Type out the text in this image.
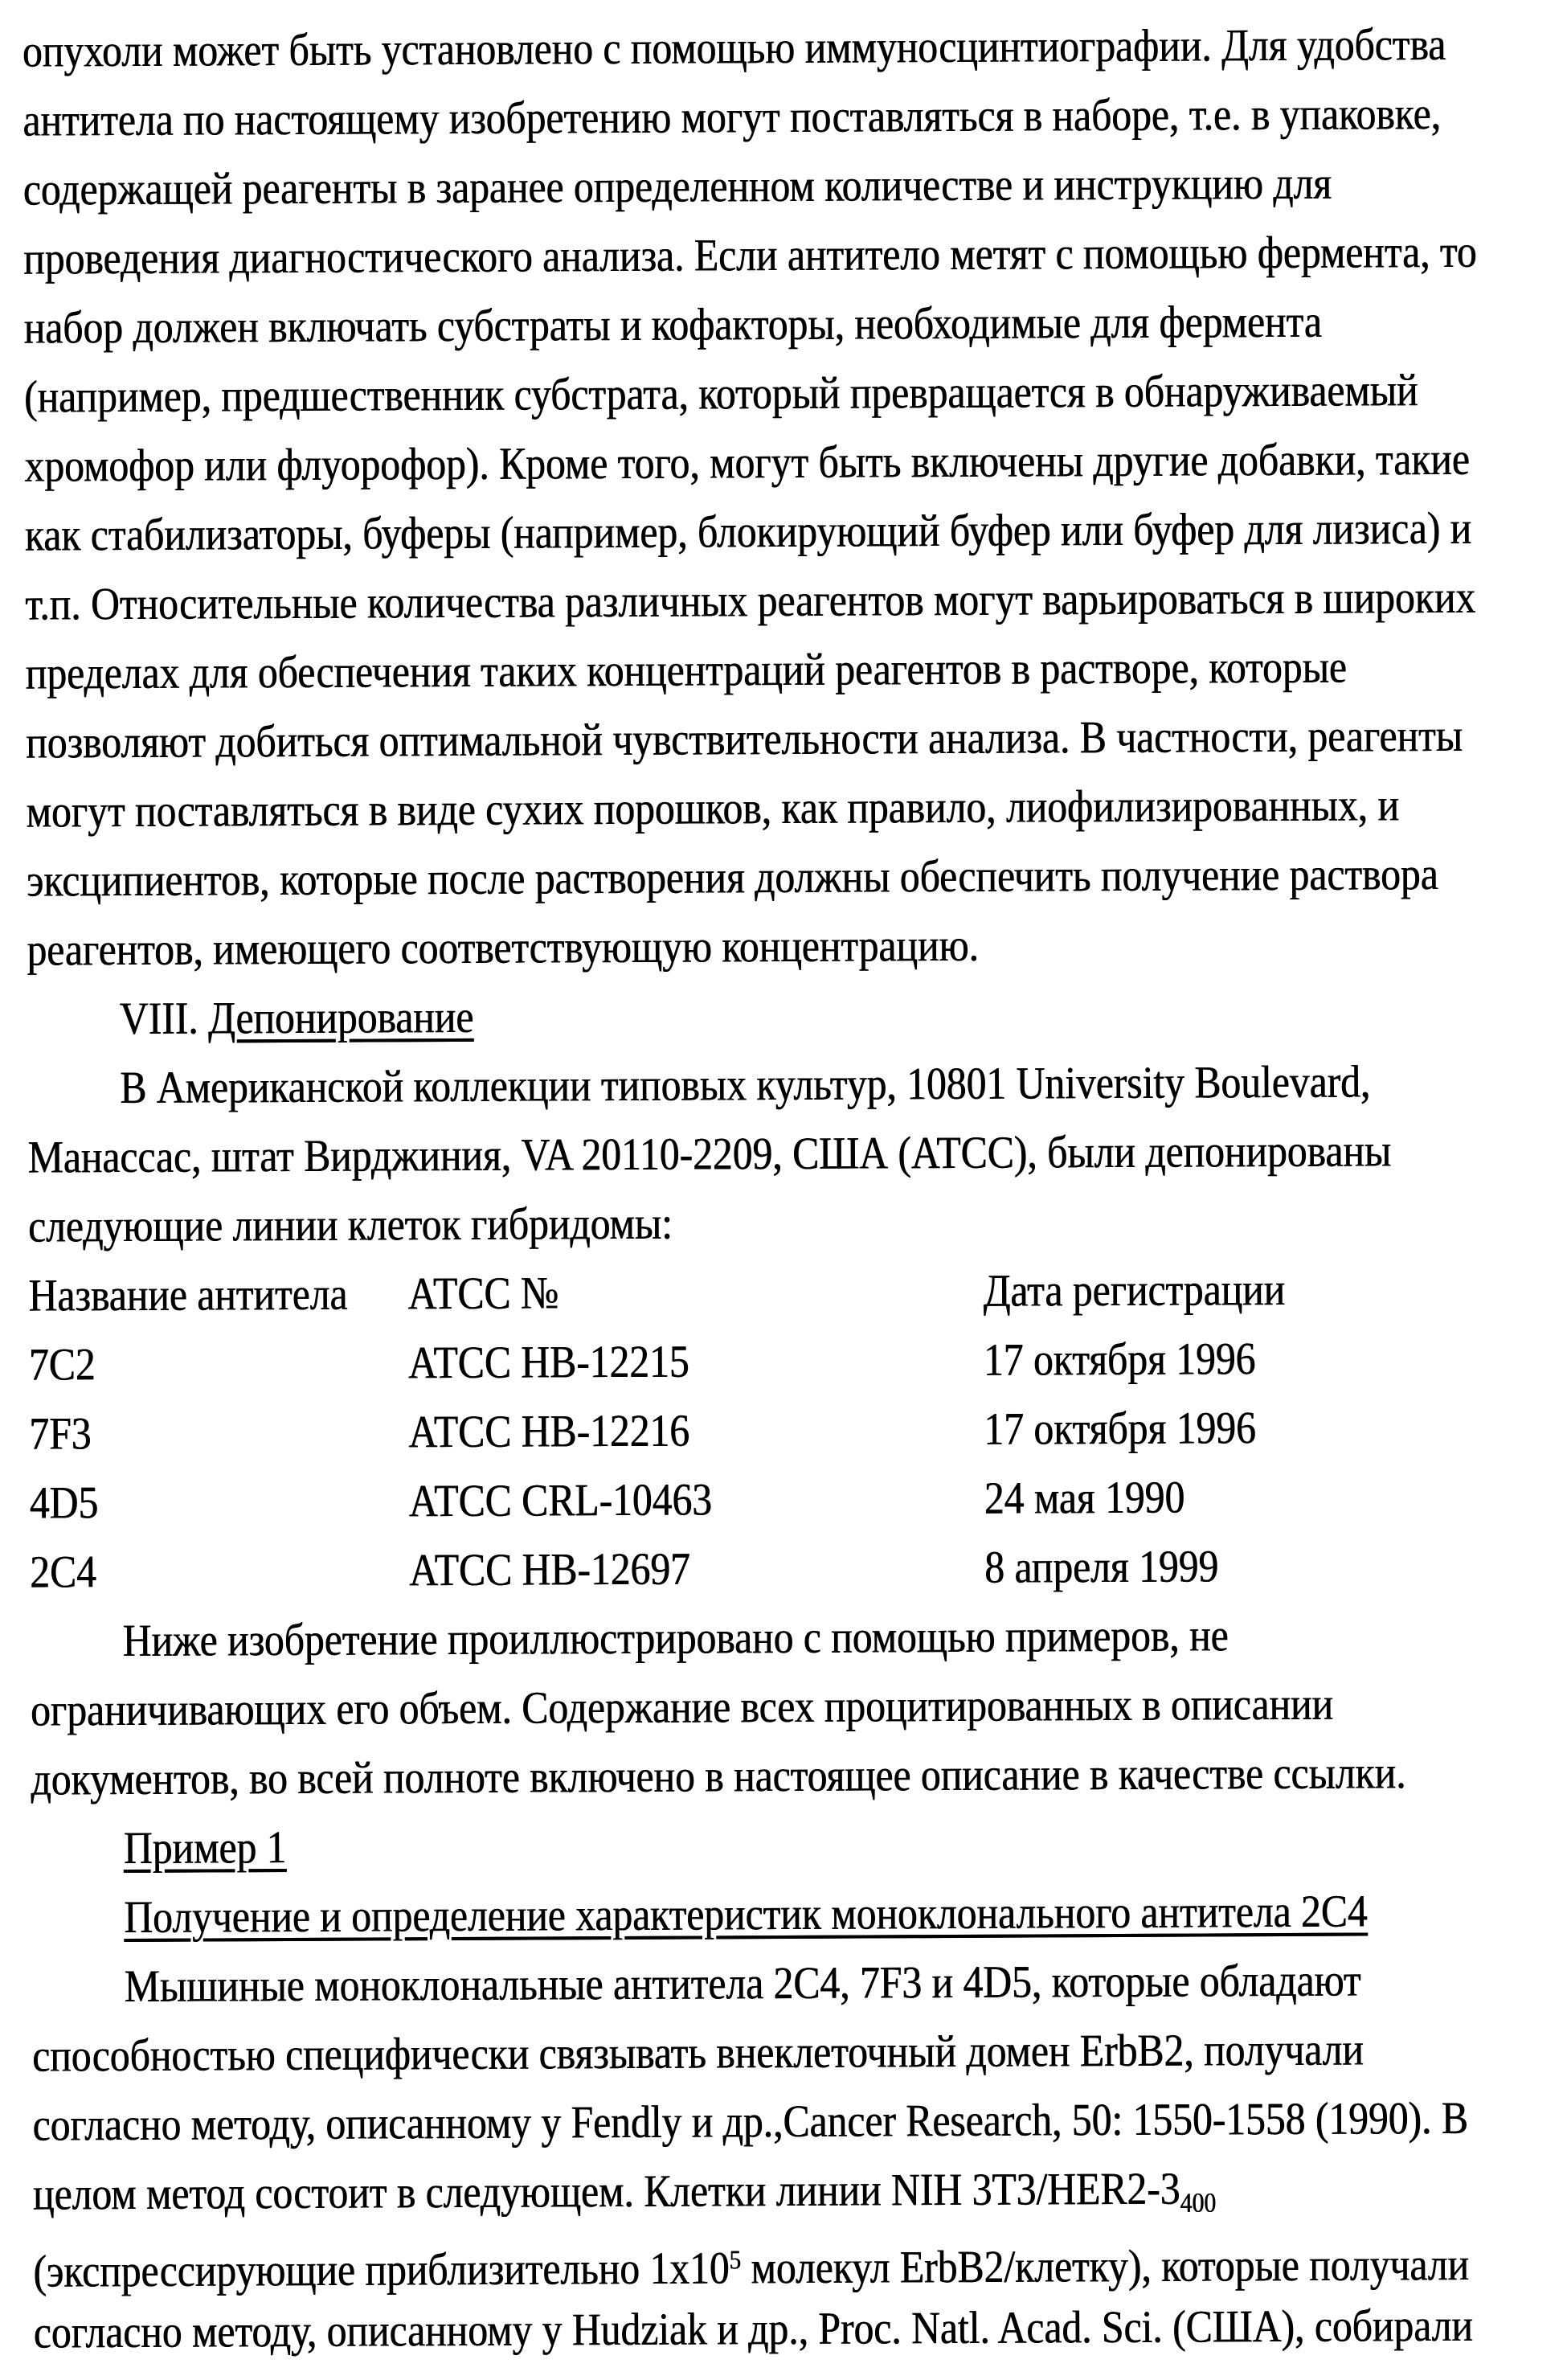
опухоли может быть установлено с помощью иммуносцинтиографии. Для удобства
антитела по настоящему изобретению могут поставляться в наборе, т.е. в упаковке,
содержащей реагенты в заранее определенном количестве и инструкцию для
проведения диагностического анализа. Если антитело метят с помощью фермента, то
набор должен включать субстраты и кофакторы, необходимые для фермента
(например, предшественник субстрата, который превращается в обнаруживаемый
хромофор или флуорофор). Кроме того, могут быть включены другие добавки, такие
как стабилизаторы, буферы (например, блокирующий буфер или буфер для лизиса) и
т.п. Относительные количества различных реагентов могут варьироваться в широких
пределах для обеспечения таких концентраций реагентов в растворе, которые
позволяют добиться оптимальной чувствительности анализа. В частности, реагенты
могут поставляться в виде сухих порошков, как правило, лиофилизированных, и
эксципиентов, которые после растворения должны обеспечить получение раствора
реагентов, имеющего соответствующую концентрацию.
VIII. Депонирование
В Американской коллекции типовых культур, 10801 University Boulevard,
Манассас, штат Вирджиния, VA 20110-2209, США (АТСС), были депонированы
следующие линии клеток гибридомы:
Название антитела	АТСС №	Дата регистрации
7С2	АТСС НВ-12215	17 октября 1996
7F3	АТСС НВ-12216	17 октября 1996
4D5	АТСС CRL-10463	24 мая 1990
2С4	АТСС НВ-12697	8 апреля 1999
Ниже изобретение проиллюстрировано с помощью примеров, не
ограничивающих его объем. Содержание всех процитированных в описании
документов, во всей полноте включено в настоящее описание в качестве ссылки.
Пример 1
Получение и определение характеристик моноклонального антитела 2С4
Мышиные моноклональные антитела 2С4, 7F3 и 4D5, которые обладают
способностью специфически связывать внеклеточный домен ErbB2, получали
согласно методу, описанному у Fendly и др.,Cancer Research, 50: 1550-1558 (1990). В
целом метод состоит в следующем. Клетки линии NIH $3T3/HER2-3_{400}$
(экспрессирующие приблизительно $1x10^5$ молекул ErbB2/клетку), которые получали
согласно методу, описанному у Hudziak и др., Proc. Natl. Acad. Sci. (США), собирали
